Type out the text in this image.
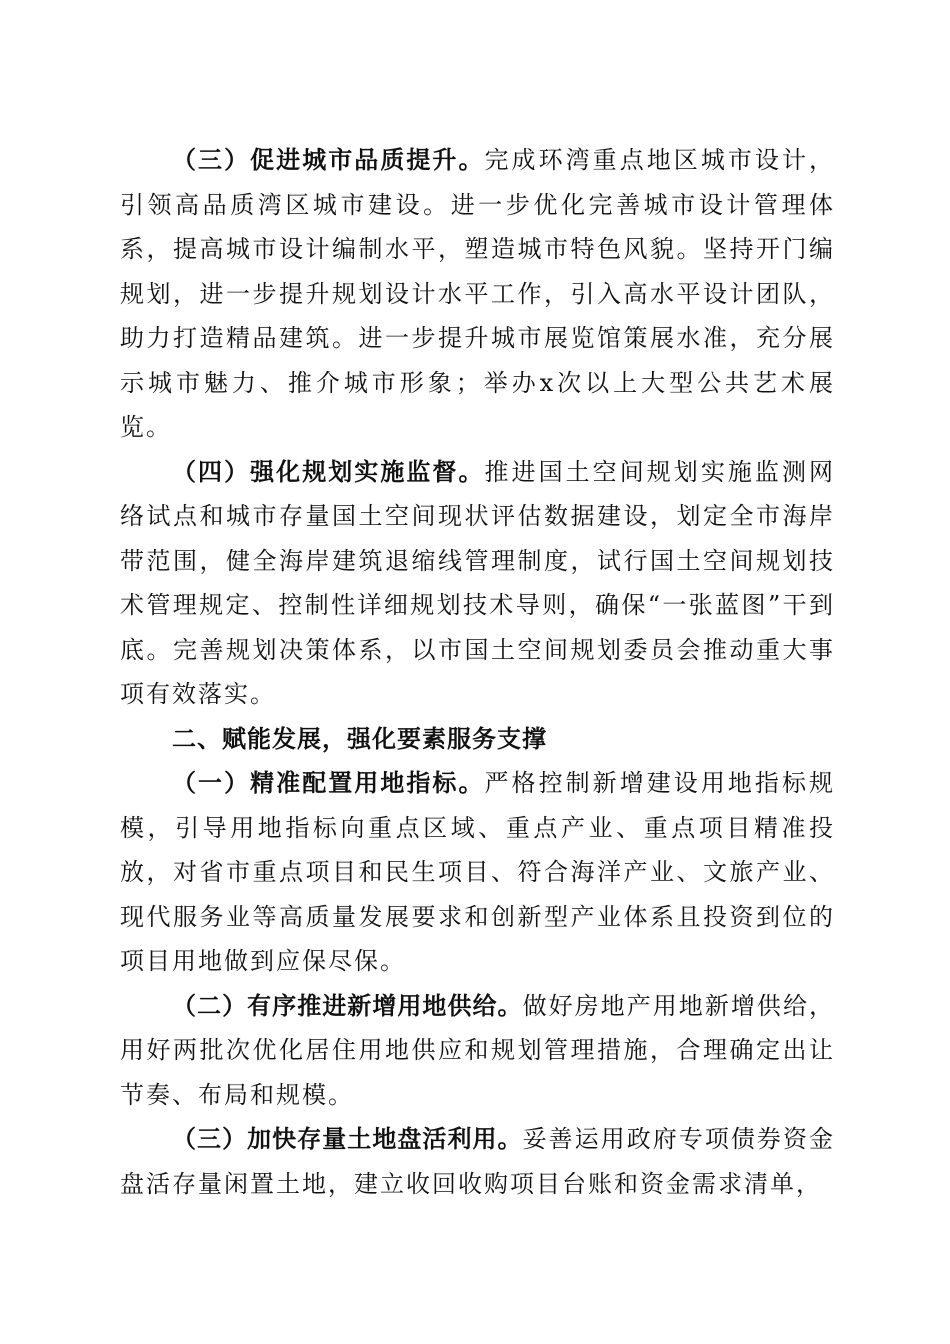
（三）促进城市品质提升。完成环湾重点地区城市设计，引领高品质湾区城市建设。进一步优化完善城市设计管理体系，提高城市设计编制水平，塑造城市特色风貌。坚持开门编规划，进一步提升规划设计水平工作，引入高水平设计团队，助力打造精品建筑。进一步提升城市展览馆策展水准，充分展示城市魅力、推介城市形象；举办x次以上大型公共艺术展览。

（四）强化规划实施监督。推进国土空间规划实施监测网络试点和城市存量国土空间现状评估数据建设，划定全市海岸带范围，健全海岸建筑退缩线管理制度，试行国土空间规划技术管理规定、控制性详细规划技术导则，确保“一张蓝图”干到底。完善规划决策体系，以市国土空间规划委员会推动重大事项有效落实。

二、赋能发展，强化要素服务支撑

（一）精准配置用地指标。严格控制新增建设用地指标规模，引导用地指标向重点区域、重点产业、重点项目精准投放，对省市重点项目和民生项目、符合海洋产业、文旅产业、现代服务业等高质量发展要求和创新型产业体系且投资到位的项目用地做到应保尽保。

（二）有序推进新增用地供给。做好房地产用地新增供给，用好两批次优化居住用地供应和规划管理措施，合理确定出让节奏、布局和规模。

（三）加快存量土地盘活利用。妥善运用政府专项债券资金盘活存量闲置土地，建立收回收购项目台账和资金需求清单，
